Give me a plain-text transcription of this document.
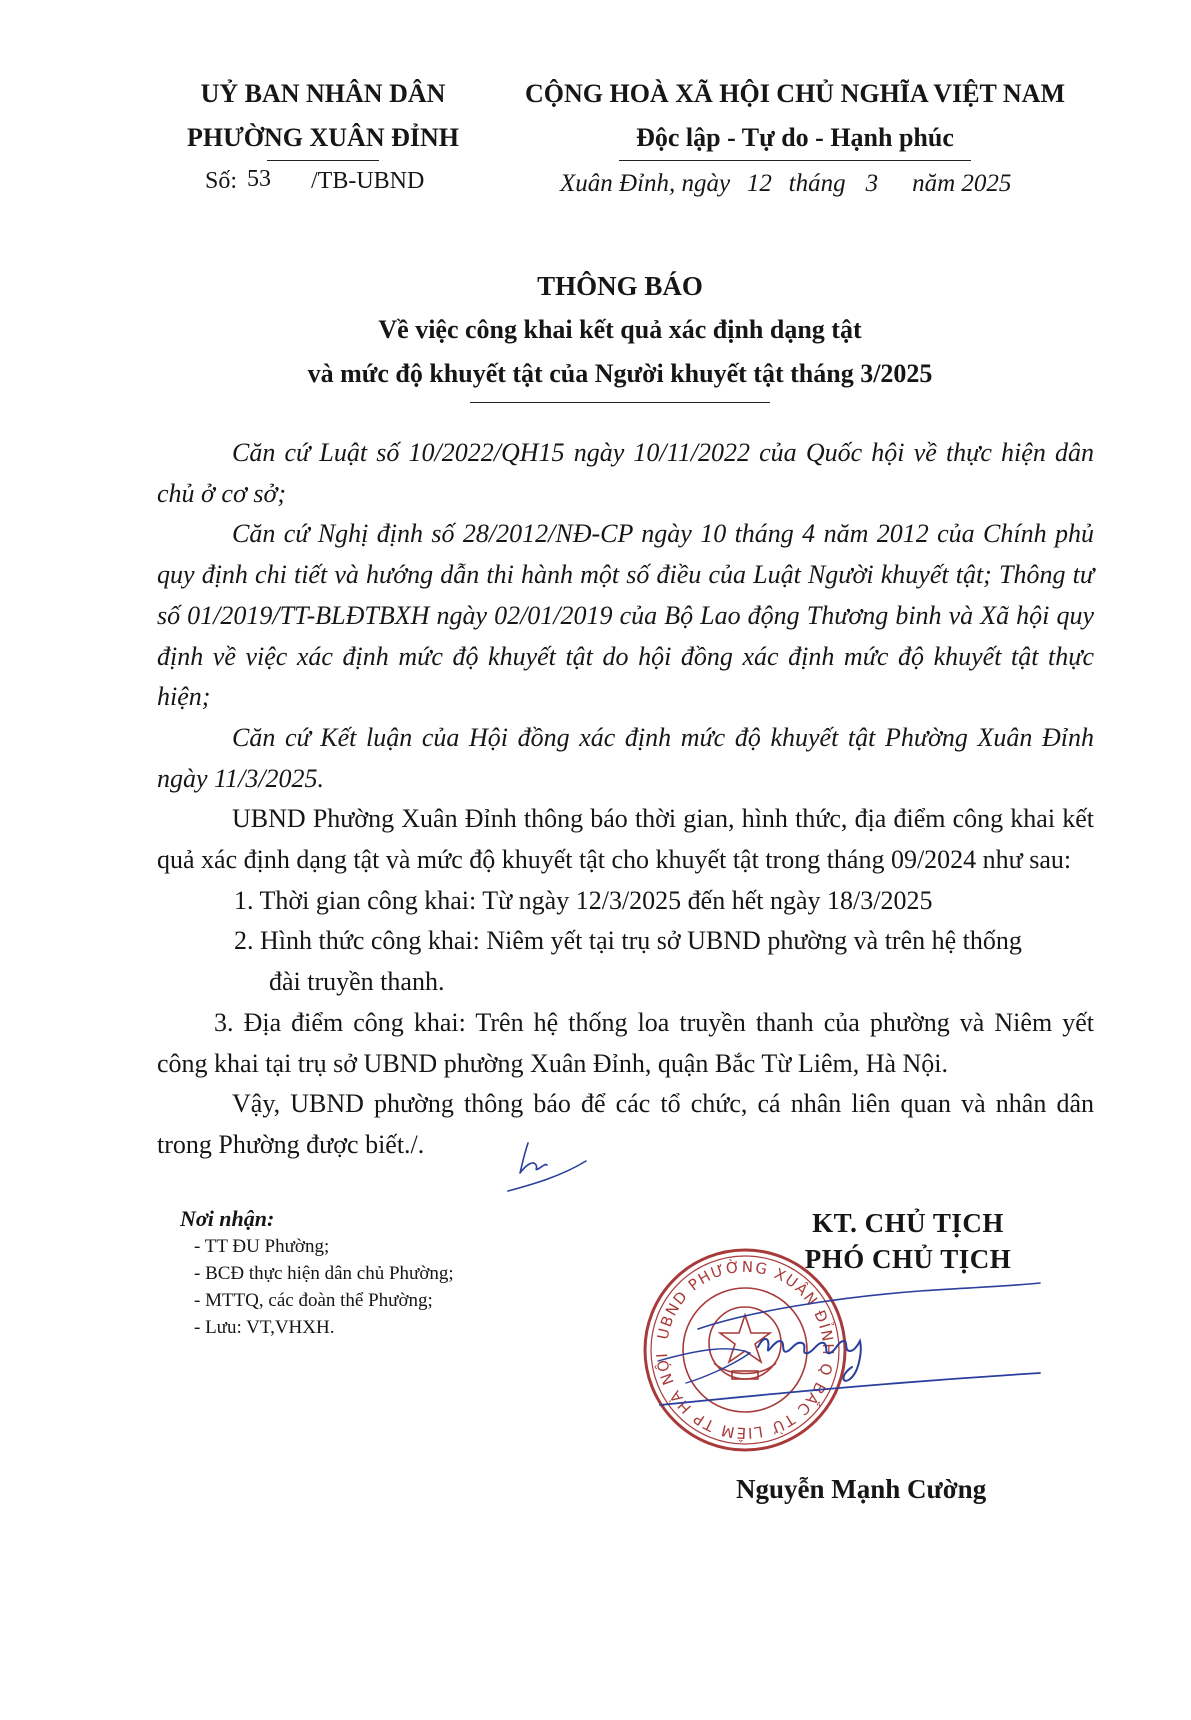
UỶ BAN NHÂN DÂN
PHƯỜNG XUÂN ĐỈNH
CỘNG HOÀ XÃ HỘI CHỦ NGHĨA VIỆT NAM
Độc lập - Tự do - Hạnh phúc
Số: 53 /TB-UBND	Xuân Đỉnh, ngày 12 tháng 3 năm 2025
THÔNG BÁO
Về việc công khai kết quả xác định dạng tật
và mức độ khuyết tật của Người khuyết tật tháng 3/2025

Căn cứ Luật số 10/2022/QH15 ngày 10/11/2022 của Quốc hội về thực hiện dân chủ ở cơ sở;

Căn cứ Nghị định số 28/2012/NĐ-CP ngày 10 tháng 4 năm 2012 của Chính phủ quy định chi tiết và hướng dẫn thi hành một số điều của Luật Người khuyết tật; Thông tư số 01/2019/TT-BLĐTBXH ngày 02/01/2019 của Bộ Lao động Thương binh và Xã hội quy định về việc xác định mức độ khuyết tật do hội đồng xác định mức độ khuyết tật thực hiện;

Căn cứ Kết luận của Hội đồng xác định mức độ khuyết tật Phường Xuân Đỉnh ngày 11/3/2025.

UBND Phường Xuân Đỉnh thông báo thời gian, hình thức, địa điểm công khai kết quả xác định dạng tật và mức độ khuyết tật cho khuyết tật trong tháng 09/2024 như sau:

1. Thời gian công khai: Từ ngày 12/3/2025 đến hết ngày 18/3/2025

2. Hình thức công khai: Niêm yết tại trụ sở UBND phường và trên hệ thống
đài truyền thanh.

3. Địa điểm công khai: Trên hệ thống loa truyền thanh của phường và Niêm yết công khai tại trụ sở UBND phường Xuân Đỉnh, quận Bắc Từ Liêm, Hà Nội.

Vậy, UBND phường thông báo để các tổ chức, cá nhân liên quan và nhân dân trong Phường được biết./.

Nơi nhận:
- TT ĐU Phường;
- BCĐ thực hiện dân chủ Phường;
- MTTQ, các đoàn thể Phường;
- Lưu: VT,VHXH.
KT. CHỦ TỊCH
PHÓ CHỦ TỊCH
UBND PHƯỜNG XUÂN ĐỈNH Q BẮC TỪ LIÊM TP HÀ NỘI
Nguyễn Mạnh Cường
